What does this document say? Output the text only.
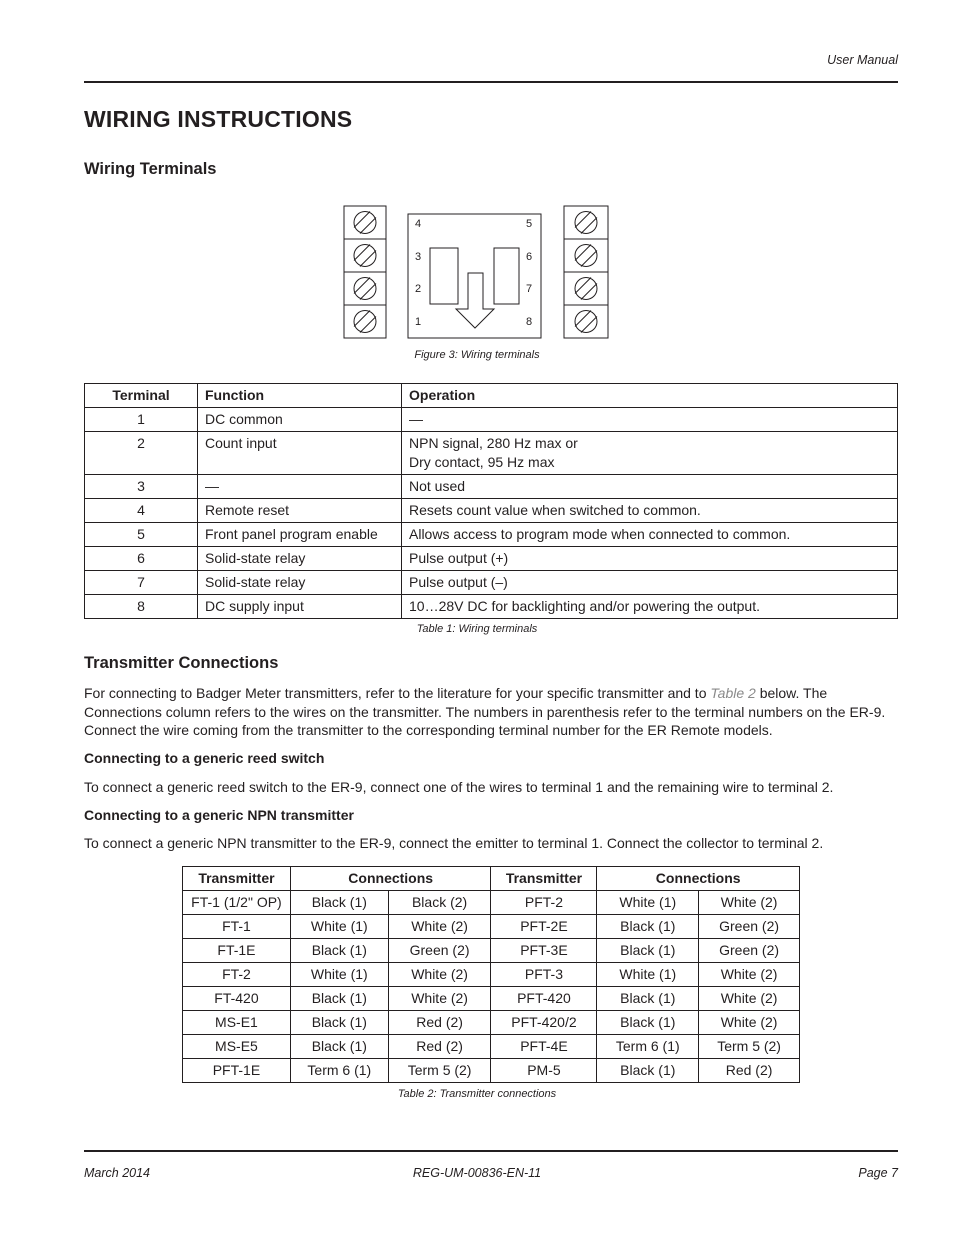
User Manual
WIRING INSTRUCTIONS
Wiring Terminals
4
3
2
1
5
6
7
8
Figure 3: Wiring terminals
Terminal	Function	Operation
1	DC common	—

2	Count input	NPN signal, 280 Hz max or
Dry contact, 95 Hz max

3	—	Not used

4	Remote reset	Resets count value when switched to common.

5	Front panel program enable	Allows access to program mode when connected to common.

6	Solid-state relay	Pulse output (+)

7	Solid-state relay	Pulse output (–)

8	DC supply input	10…28V DC for backlighting and/or powering the output.
Table 1: Wiring terminals
Transmitter Connections

For connecting to Badger Meter transmitters, refer to the literature for your specific transmitter and to Table 2 below. The Connections column refers to the wires on the transmitter. The numbers in parenthesis refer to the terminal numbers on the ER-9. Connect the wire coming from the transmitter to the corresponding terminal number for the ER Remote models.

Connecting to a generic reed switch

To connect a generic reed switch to the ER-9, connect one of the wires to terminal 1 and the remaining wire to terminal 2.

Connecting to a generic NPN transmitter

To connect a generic NPN transmitter to the ER-9, connect the emitter to terminal 1. Connect the collector to terminal 2.

Transmitter	Connections		Transmitter	Connections	
FT-1 (1/2" OP)	Black (1)	Black (2)	PFT-2	White (1)	White (2)
FT-1	White (1)	White (2)	PFT-2E	Black (1)	Green (2)
FT-1E	Black (1)	Green (2)	PFT-3E	Black (1)	Green (2)
FT-2	White (1)	White (2)	PFT-3	White (1)	White (2)
FT-420	Black (1)	White (2)	PFT-420	Black (1)	White (2)
MS-E1	Black (1)	Red (2)	PFT-420/2	Black (1)	White (2)
MS-E5	Black (1)	Red (2)	PFT-4E	Term 6 (1)	Term 5 (2)
PFT-1E	Term 6 (1)	Term 5 (2)	PM-5	Black (1)	Red (2)
Table 2: Transmitter connections
March 2014	REG-UM-00836-EN-11	Page 7
